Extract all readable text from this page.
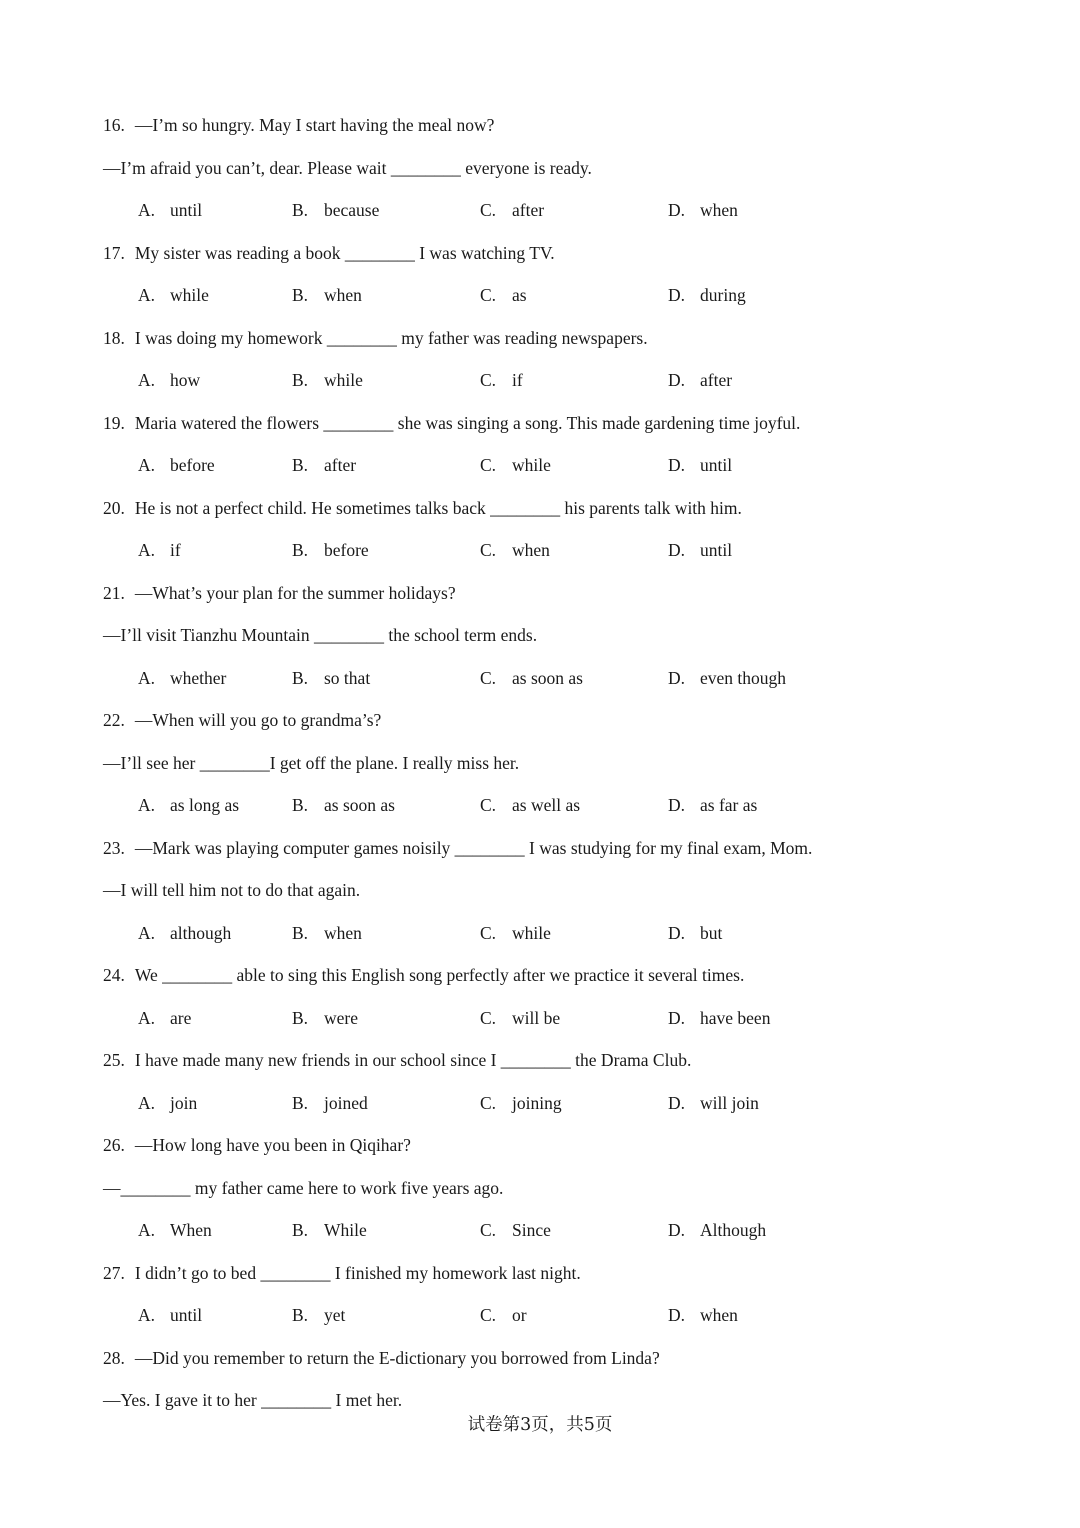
16. —I’m so hungry. May I start having the meal now?
—I’m afraid you can’t, dear. Please wait ________ everyone is ready.
A. until	B. because	C. after	D. when
17. My sister was reading a book ________ I was watching TV.
A. while	B. when	C. as	D. during
18. I was doing my homework ________ my father was reading newspapers.
A. how	B. while	C. if	D. after
19. Maria watered the flowers ________ she was singing a song. This made gardening time joyful.
A. before	B. after	C. while	D. until
20. He is not a perfect child. He sometimes talks back ________ his parents talk with him.
A. if	B. before	C. when	D. until
21. —What’s your plan for the summer holidays?
—I’ll visit Tianzhu Mountain ________ the school term ends.
A. whether	B. so that	C. as soon as	D. even though
22. —When will you go to grandma’s?
—I’ll see her ________I get off the plane. I really miss her.
A. as long as	B. as soon as	C. as well as	D. as far as
23. —Mark was playing computer games noisily ________ I was studying for my final exam, Mom.
—I will tell him not to do that again.
A. although	B. when	C. while	D. but
24. We ________ able to sing this English song perfectly after we practice it several times.
A. are	B. were	C. will be	D. have been
25. I have made many new friends in our school since I ________ the Drama Club.
A. join	B. joined	C. joining	D. will join
26. —How long have you been in Qiqihar?
—________ my father came here to work five years ago.
A. When	B. While	C. Since	D. Although
27. I didn’t go to bed ________ I finished my homework last night.
A. until	B. yet	C. or	D. when
28. —Did you remember to return the E-dictionary you borrowed from Linda?
—Yes. I gave it to her ________ I met her.
试卷第3页，共5页
